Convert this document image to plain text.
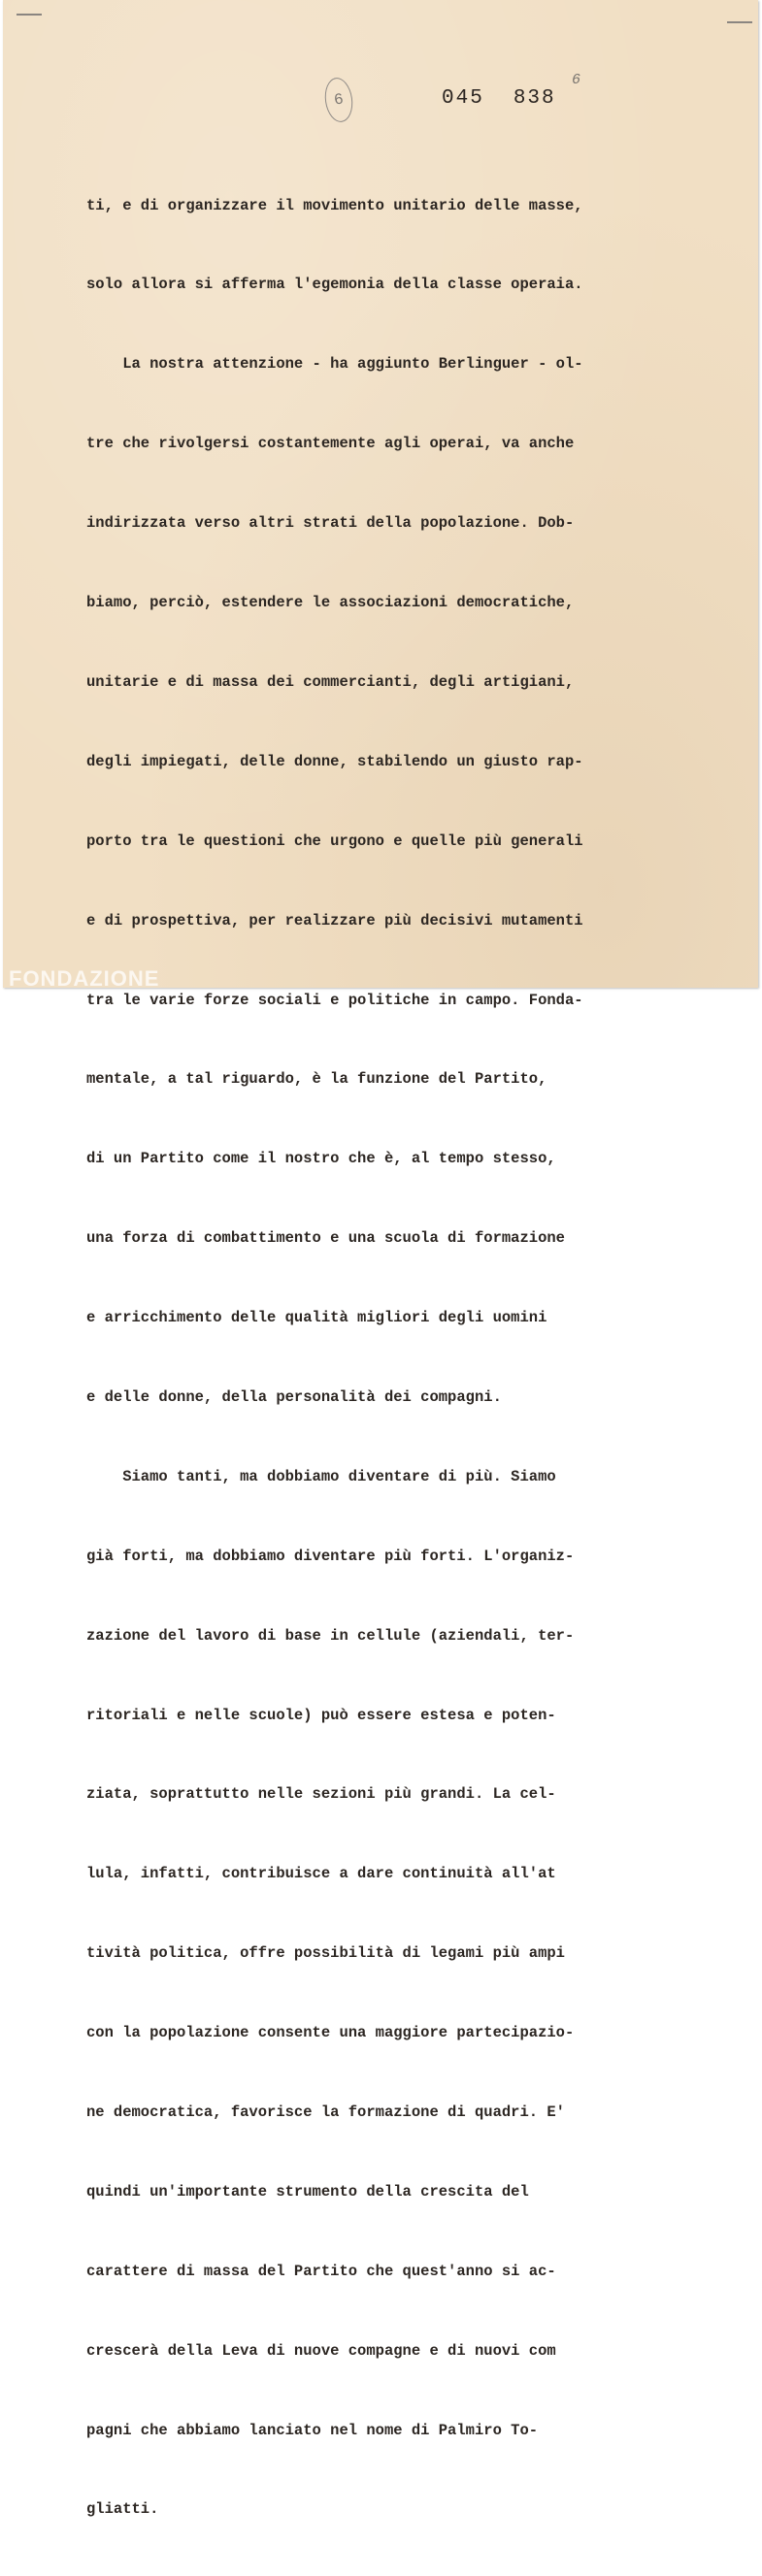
6	045 838
6

ti, e di organizzare il movimento unitario delle masse,

solo allora si afferma l'egemonia della classe operaia.

La nostra attenzione - ha aggiunto Berlinguer - ol-

tre che rivolgersi costantemente agli operai, va anche

indirizzata verso altri strati della popolazione. Dob-

biamo, perciò, estendere le associazioni democratiche,

unitarie e di massa dei commercianti, degli artigiani,

degli impiegati, delle donne, stabilendo un giusto rap-

porto tra le questioni che urgono e quelle più generali

e di prospettiva, per realizzare più decisivi mutamenti

tra le varie forze sociali e politiche in campo. Fonda-

mentale, a tal riguardo, è la funzione del Partito,

di un Partito come il nostro che è, al tempo stesso,

una forza di combattimento e una scuola di formazione

e arricchimento delle qualità migliori degli uomini

e delle donne, della personalità dei compagni.

Siamo tanti, ma dobbiamo diventare di più. Siamo

già forti, ma dobbiamo diventare più forti. L'organiz-

zazione del lavoro di base in cellule (aziendali, ter-

ritoriali e nelle scuole) può essere estesa e poten-

ziata, soprattutto nelle sezioni più grandi. La cel-

lula, infatti, contribuisce a dare continuità all'at

tività politica, offre possibilità di legami più ampi

con la popolazione consente una maggiore partecipazio-

ne democratica, favorisce la formazione di quadri. E'

quindi un'importante strumento della crescita del

carattere di massa del Partito che quest'anno si ac-

crescerà della Leva di nuove compagne e di nuovi com

pagni che abbiamo lanciato nel nome di Palmiro To-

gliatti.

FONDAZIONE
